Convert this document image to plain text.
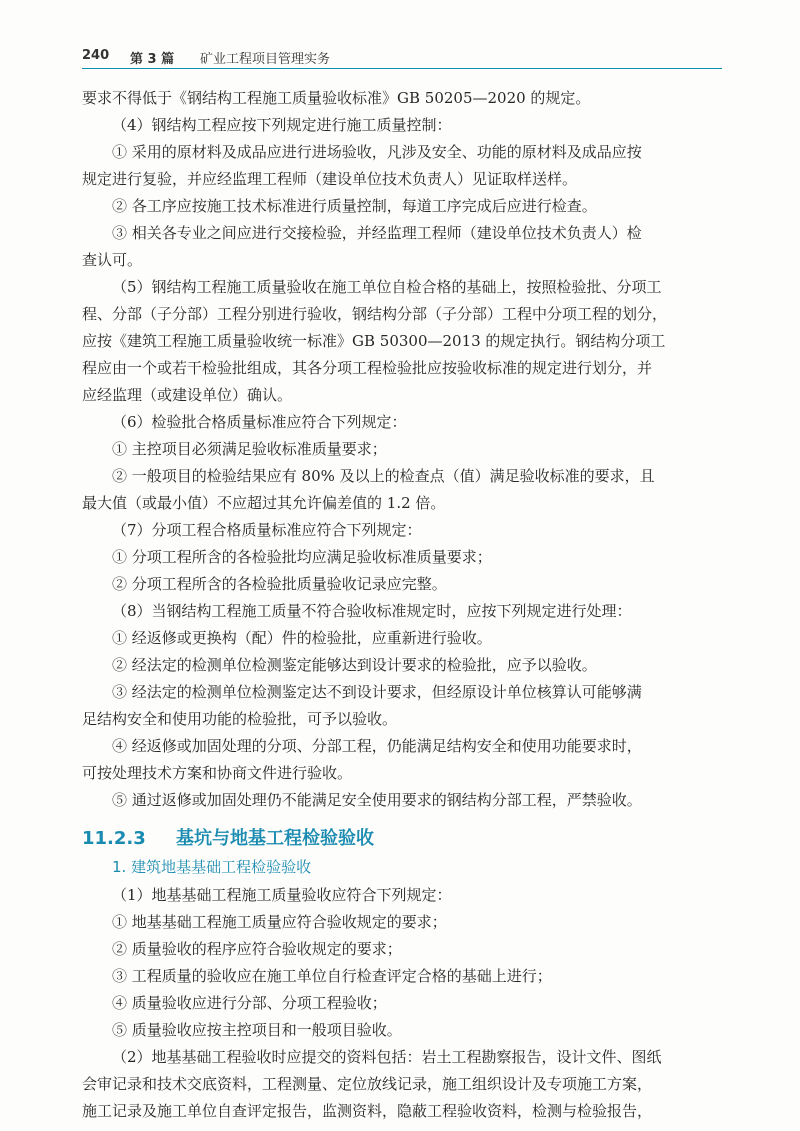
240 第 3 篇 矿业工程项目管理实务
要求不得低于《钢结构工程施工质量验收标准》GB 50205—2020 的规定。
（4）钢结构工程应按下列规定进行施工质量控制：
① 采用的原材料及成品应进行进场验收，凡涉及安全、功能的原材料及成品应按
规定进行复验，并应经监理工程师（建设单位技术负责人）见证取样送样。
② 各工序应按施工技术标准进行质量控制，每道工序完成后应进行检查。
③ 相关各专业之间应进行交接检验，并经监理工程师（建设单位技术负责人）检
查认可。
（5）钢结构工程施工质量验收在施工单位自检合格的基础上，按照检验批、分项工
程、分部（子分部）工程分别进行验收，钢结构分部（子分部）工程中分项工程的划分，
应按《建筑工程施工质量验收统一标准》GB 50300—2013 的规定执行。钢结构分项工
程应由一个或若干检验批组成，其各分项工程检验批应按验收标准的规定进行划分，并
应经监理（或建设单位）确认。
（6）检验批合格质量标准应符合下列规定：
① 主控项目必须满足验收标准质量要求；
② 一般项目的检验结果应有 80% 及以上的检查点（值）满足验收标准的要求，且
最大值（或最小值）不应超过其允许偏差值的 1.2 倍。
（7）分项工程合格质量标准应符合下列规定：
① 分项工程所含的各检验批均应满足验收标准质量要求；
② 分项工程所含的各检验批质量验收记录应完整。
（8）当钢结构工程施工质量不符合验收标准规定时，应按下列规定进行处理：
① 经返修或更换构（配）件的检验批，应重新进行验收。
② 经法定的检测单位检测鉴定能够达到设计要求的检验批，应予以验收。
③ 经法定的检测单位检测鉴定达不到设计要求，但经原设计单位核算认可能够满
足结构安全和使用功能的检验批，可予以验收。
④ 经返修或加固处理的分项、分部工程，仍能满足结构安全和使用功能要求时，
可按处理技术方案和协商文件进行验收。
⑤ 通过返修或加固处理仍不能满足安全使用要求的钢结构分部工程，严禁验收。
11.2.3 基坑与地基工程检验验收
1. 建筑地基基础工程检验验收
（1）地基基础工程施工质量验收应符合下列规定：
① 地基基础工程施工质量应符合验收规定的要求；
② 质量验收的程序应符合验收规定的要求；
③ 工程质量的验收应在施工单位自行检查评定合格的基础上进行；
④ 质量验收应进行分部、分项工程验收；
⑤ 质量验收应按主控项目和一般项目验收。
（2）地基基础工程验收时应提交的资料包括：岩土工程勘察报告，设计文件、图纸
会审记录和技术交底资料，工程测量、定位放线记录，施工组织设计及专项施工方案，
施工记录及施工单位自查评定报告，监测资料，隐蔽工程验收资料，检测与检验报告，
